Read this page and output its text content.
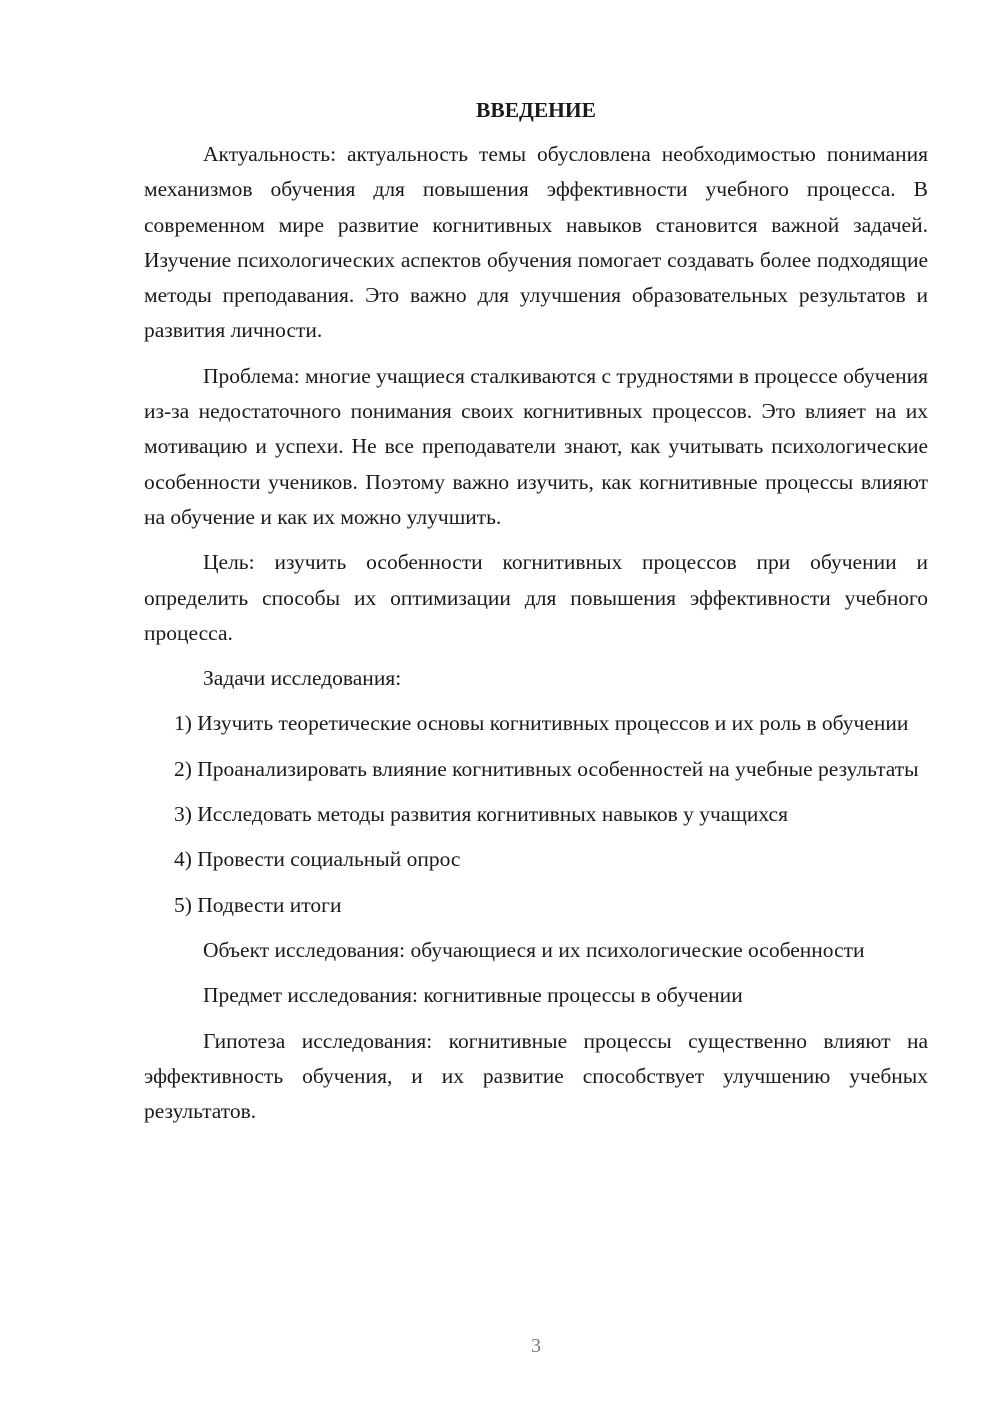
ВВЕДЕНИЕ

Актуальность: актуальность темы обусловлена необходимостью понимания механизмов обучения для повышения эффективности учебного процесса. В современном мире развитие когнитивных навыков становится важной задачей. Изучение психологических аспектов обучения помогает создавать более подходящие методы преподавания. Это важно для улучшения образовательных результатов и развития личности.

Проблема: многие учащиеся сталкиваются с трудностями в процессе обучения из-за недостаточного понимания своих когнитивных процессов. Это влияет на их мотивацию и успехи. Не все преподаватели знают, как учитывать психологические особенности учеников. Поэтому важно изучить, как когнитивные процессы влияют на обучение и как их можно улучшить.

Цель: изучить особенности когнитивных процессов при обучении и определить способы их оптимизации для повышения эффективности учебного процесса.

Задачи исследования:

1) Изучить теоретические основы когнитивных процессов и их роль в обучении

2) Проанализировать влияние когнитивных особенностей на учебные результаты

3) Исследовать методы развития когнитивных навыков у учащихся

4) Провести социальный опрос

5) Подвести итоги

Объект исследования: обучающиеся и их психологические особенности

Предмет исследования: когнитивные процессы в обучении

Гипотеза исследования: когнитивные процессы существенно влияют на эффективность обучения, и их развитие способствует улучшению учебных результатов.

3
